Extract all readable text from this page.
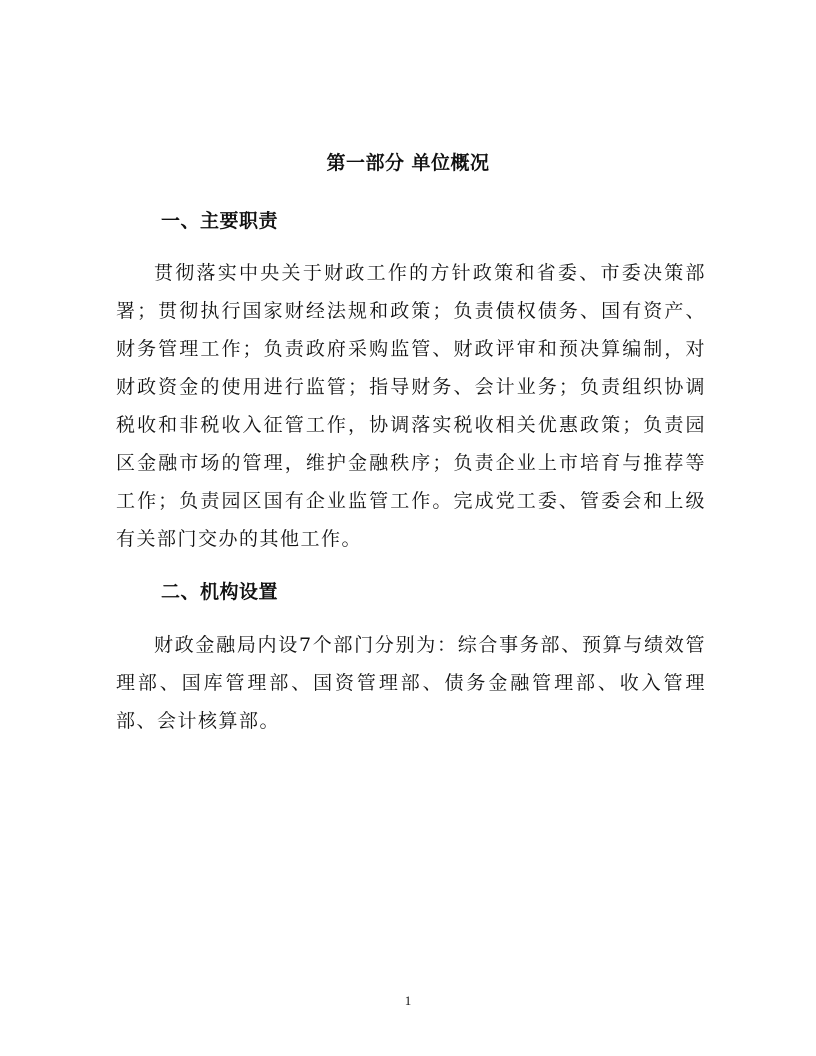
第一部分 单位概况
一、主要职责

贯彻落实中央关于财政工作的方针政策和省委、市委决策部署；贯彻执行国家财经法规和政策；负责债权债务、国有资产、财务管理工作；负责政府采购监管、财政评审和预决算编制，对财政资金的使用进行监管；指导财务、会计业务；负责组织协调税收和非税收入征管工作，协调落实税收相关优惠政策；负责园区金融市场的管理，维护金融秩序；负责企业上市培育与推荐等工作；负责园区国有企业监管工作。完成党工委、管委会和上级有关部门交办的其他工作。

二、机构设置

财政金融局内设7个部门分别为：综合事务部、预算与绩效管理部、国库管理部、国资管理部、债务金融管理部、收入管理部、会计核算部。

1
